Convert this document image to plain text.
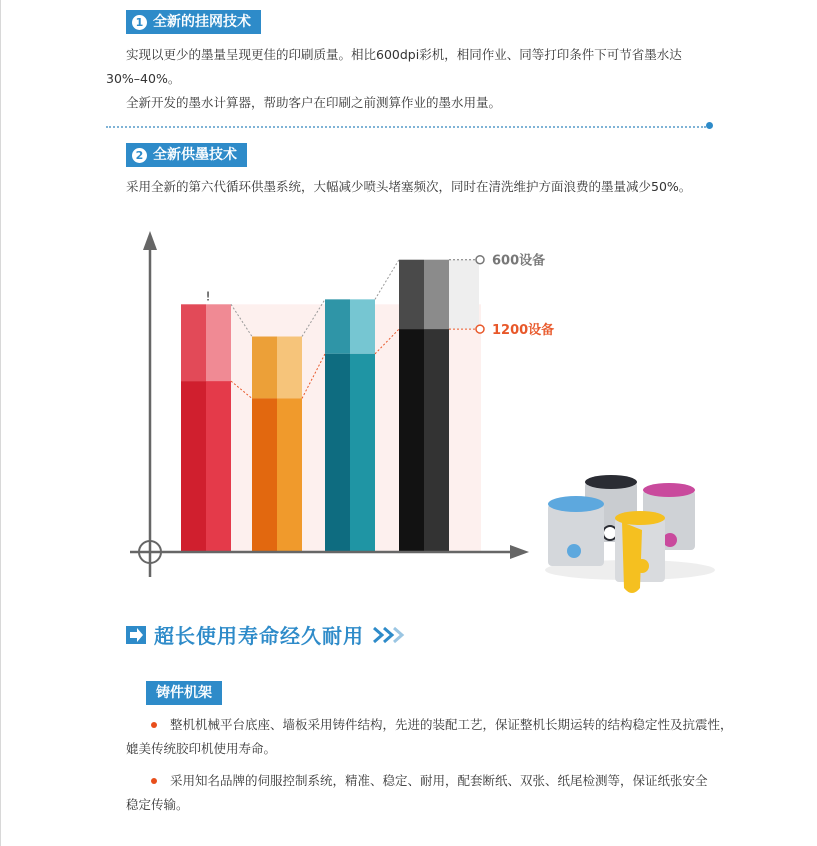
1 全新的挂网技术
实现以更少的墨量呈现更佳的印刷质量。相比600dpi彩机，相同作业、同等打印条件下可节省墨水达
30%–40%。
全新开发的墨水计算器，帮助客户在印刷之前测算作业的墨水用量。
2 全新供墨技术
采用全新的第六代循环供墨系统，大幅减少喷头堵塞频次，同时在清洗维护方面浪费的墨量减少50%。
!
600设备
1200设备
超长使用寿命经久耐用
铸件机架
整机机械平台底座、墙板采用铸件结构，先进的装配工艺，保证整机长期运转的结构稳定性及抗震性，
媲美传统胶印机使用寿命。
采用知名品牌的伺服控制系统，精准、稳定、耐用，配套断纸、双张、纸尾检测等，保证纸张安全
稳定传输。
